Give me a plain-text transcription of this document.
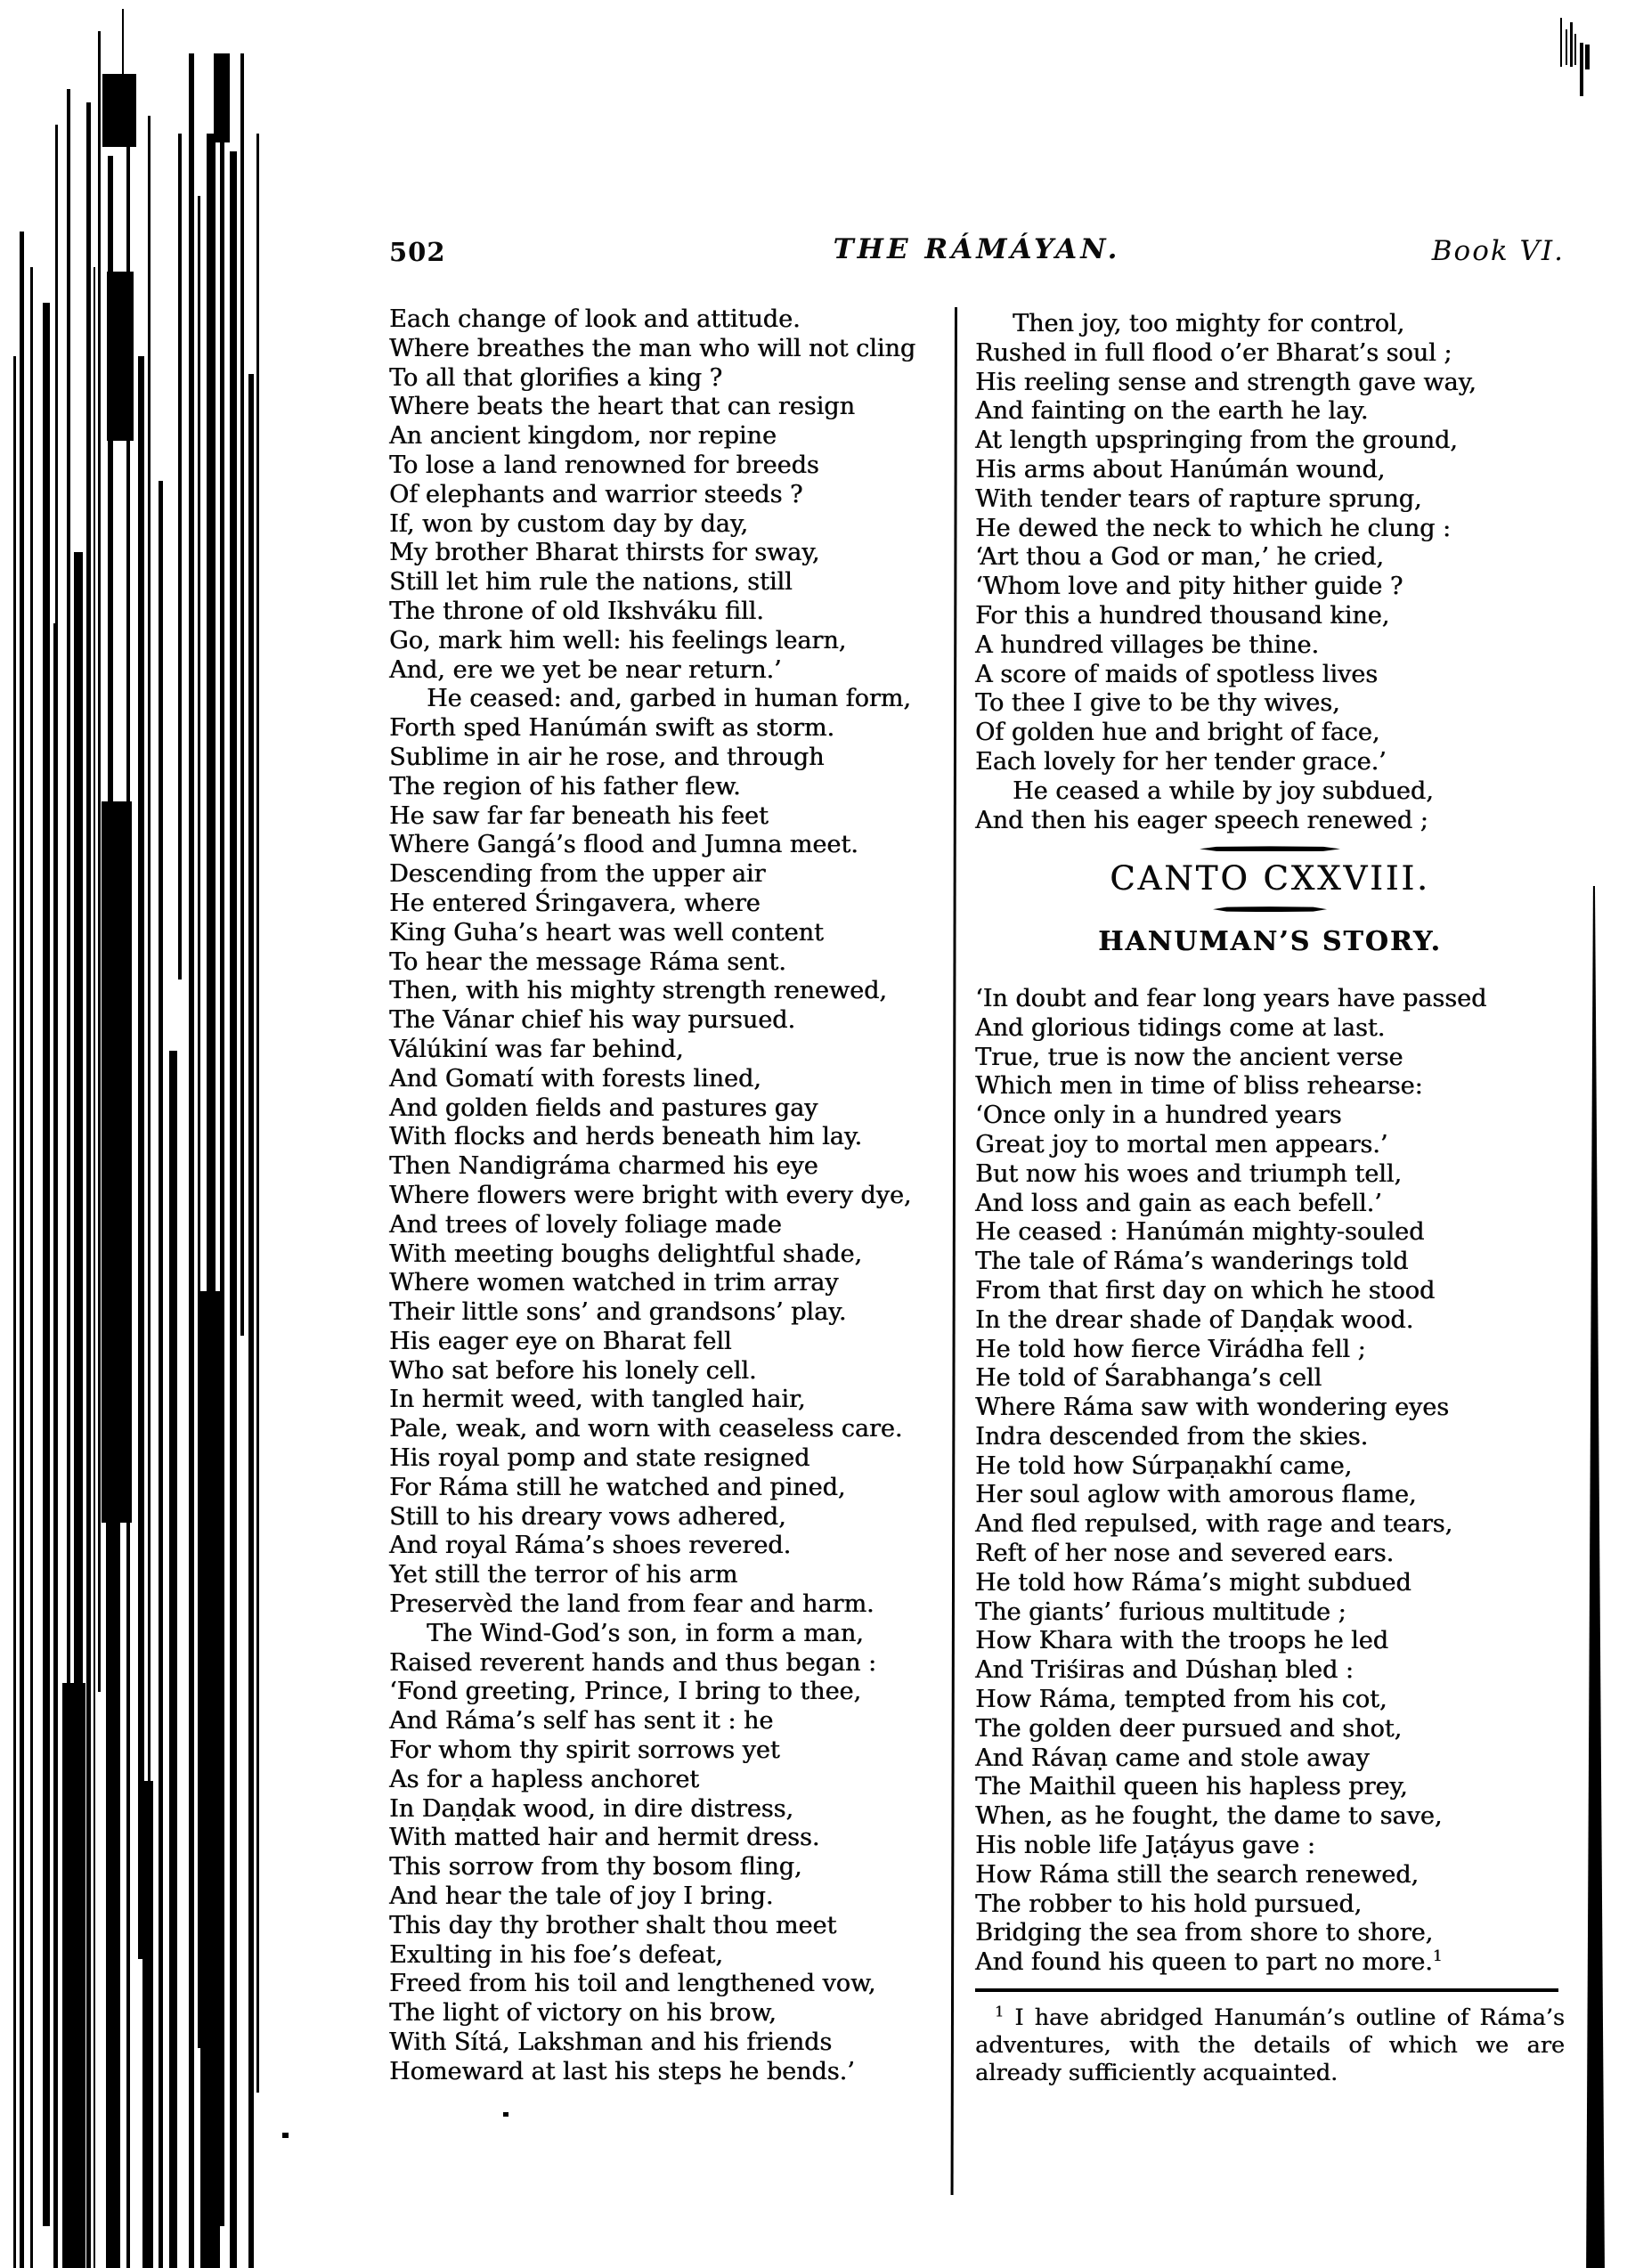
502	THE RÁMÁYAN.	Book VI.
Each change of look and attitude.
Where breathes the man who will not cling
To all that glorifies a king ?
Where beats the heart that can resign
An ancient kingdom, nor repine
To lose a land renowned for breeds
Of elephants and warrior steeds ?
If, won by custom day by day,
My brother Bharat thirsts for sway,
Still let him rule the nations, still
The throne of old Ikshváku fill.
Go, mark him well: his feelings learn,
And, ere we yet be near return.’
He ceased: and, garbed in human form,
Forth sped Hanúmán swift as storm.
Sublime in air he rose, and through
The region of his father flew.
He saw far far beneath his feet
Where Gangá’s flood and Jumna meet.
Descending from the upper air
He entered Śringavera, where
King Guha’s heart was well content
To hear the message Ráma sent.
Then, with his mighty strength renewed,
The Vánar chief his way pursued.
Válúkiní was far behind,
And Gomatí with forests lined,
And golden fields and pastures gay
With flocks and herds beneath him lay.
Then Nandigráma charmed his eye
Where flowers were bright with every dye,
And trees of lovely foliage made
With meeting boughs delightful shade,
Where women watched in trim array
Their little sons’ and grandsons’ play.
His eager eye on Bharat fell
Who sat before his lonely cell.
In hermit weed, with tangled hair,
Pale, weak, and worn with ceaseless care.
His royal pomp and state resigned
For Ráma still he watched and pined,
Still to his dreary vows adhered,
And royal Ráma’s shoes revered.
Yet still the terror of his arm
Preservèd the land from fear and harm.
The Wind-God’s son, in form a man,
Raised reverent hands and thus began :
‘Fond greeting, Prince, I bring to thee,
And Ráma’s self has sent it : he
For whom thy spirit sorrows yet
As for a hapless anchoret
In Daṇḍak wood, in dire distress,
With matted hair and hermit dress.
This sorrow from thy bosom fling,
And hear the tale of joy I bring.
This day thy brother shalt thou meet
Exulting in his foe’s defeat,
Freed from his toil and lengthened vow,
The light of victory on his brow,
With Sítá, Lakshman and his friends
Homeward at last his steps he bends.’
Then joy, too mighty for control,
Rushed in full flood o’er Bharat’s soul ;
His reeling sense and strength gave way,
And fainting on the earth he lay.
At length upspringing from the ground,
His arms about Hanúmán wound,
With tender tears of rapture sprung,
He dewed the neck to which he clung :
‘Art thou a God or man,’ he cried,
‘Whom love and pity hither guide ?
For this a hundred thousand kine,
A hundred villages be thine.
A score of maids of spotless lives
To thee I give to be thy wives,
Of golden hue and bright of face,
Each lovely for her tender grace.’
He ceased a while by joy subdued,
And then his eager speech renewed ;
CANTO CXXVIII.
HANUMAN’S STORY.
‘In doubt and fear long years have passed
And glorious tidings come at last.
True, true is now the ancient verse
Which men in time of bliss rehearse:
‘Once only in a hundred years
Great joy to mortal men appears.’
But now his woes and triumph tell,
And loss and gain as each befell.’
He ceased : Hanúmán mighty-souled
The tale of Ráma’s wanderings told
From that first day on which he stood
In the drear shade of Daṇḍak wood.
He told how fierce Virádha fell ;
He told of Śarabhanga’s cell
Where Ráma saw with wondering eyes
Indra descended from the skies.
He told how Súrpaṇakhí came,
Her soul aglow with amorous flame,
And fled repulsed, with rage and tears,
Reft of her nose and severed ears.
He told how Ráma’s might subdued
The giants’ furious multitude ;
How Khara with the troops he led
And Triśiras and Dúshaṇ bled :
How Ráma, tempted from his cot,
The golden deer pursued and shot,
And Rávaṇ came and stole away
The Maithil queen his hapless prey,
When, as he fought, the dame to save,
His noble life Jaṭáyus gave :
How Ráma still the search renewed,
The robber to his hold pursued,
Bridging the sea from shore to shore,
And found his queen to part no more.$^1$

$^1$ I have abridged Hanumán’s outline of Ráma’s adventures, with the details of which we are already sufficiently acquainted.
